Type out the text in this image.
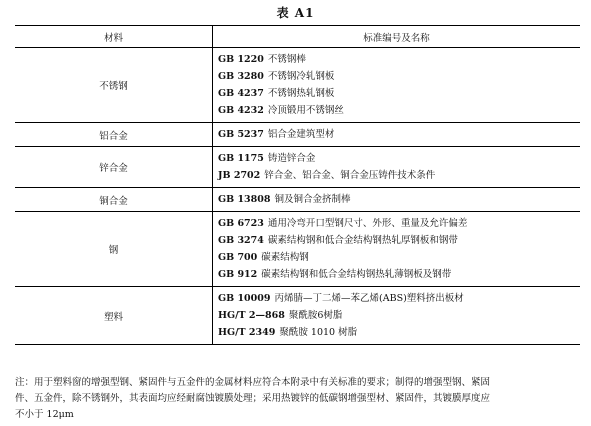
表 A1
材料	标准编号及名称
不锈钢	GB 1220 不锈钢棒
GB 3280 不锈钢冷轧钢板
GB 4237 不锈钢热轧钢板
GB 4232 冷顶锻用不锈钢丝

铝合金	GB 5237 铝合金建筑型材

锌合金	GB 1175 铸造锌合金
JB 2702 锌合金、铝合金、铜合金压铸件技术条件

铜合金	GB 13808 铜及铜合金挤制棒

钢	GB 6723 通用冷弯开口型钢尺寸、外形、重量及允许偏差
GB 3274 碳素结构钢和低合金结构钢热轧厚钢板和钢带
GB 700 碳素结构钢
GB 912 碳素结构钢和低合金结构钢热轧薄钢板及钢带

塑料	GB 10009 丙烯腈—丁二烯—苯乙烯(ABS)塑料挤出板材
HG/T 2—868 聚酰胺6树脂
HG/T 2349 聚酰胺 1010 树脂
注：用于塑料窗的增强型钢、紧固件与五金件的金属材料应符合本附录中有关标准的要求；制得的增强型钢、紧固
件、五金件，除不锈钢外，其表面均应经耐腐蚀镀膜处理；采用热镀锌的低碳钢增强型材、紧固件，其镀膜厚度应
不小于 12μm
